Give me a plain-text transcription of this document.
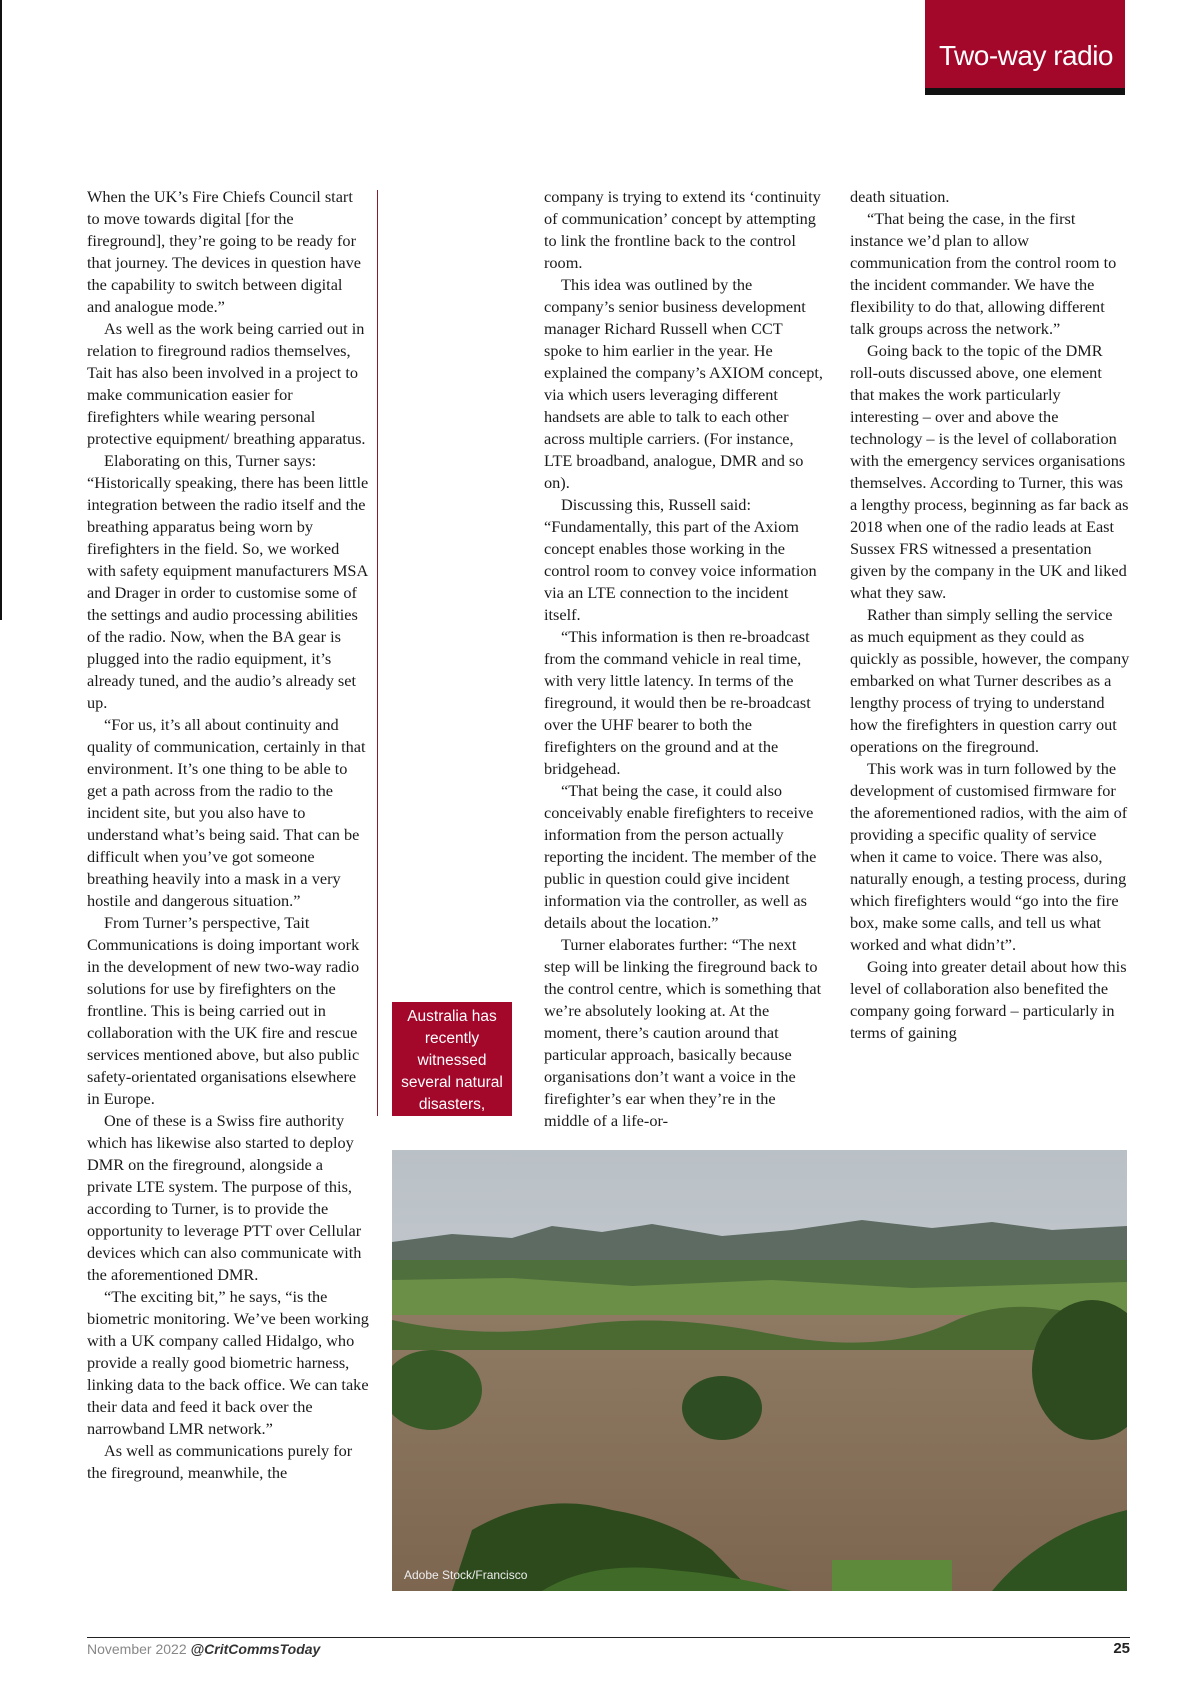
Two-way radio

When the UK’s Fire Chiefs Council start to move towards digital [for the fireground], they’re going to be ready for that journey. The devices in question have the capability to switch between digital and analogue mode.”

As well as the work being carried out in relation to fireground radios themselves, Tait has also been involved in a project to make communication easier for firefighters while wearing personal protective equipment/ breathing apparatus.

Elaborating on this, Turner says: “Historically speaking, there has been little integration between the radio itself and the breathing apparatus being worn by firefighters in the field. So, we worked with safety equipment manufacturers MSA and Drager in order to customise some of the settings and audio processing abilities of the radio. Now, when the BA gear is plugged into the radio equipment, it’s already tuned, and the audio’s already set up.

“For us, it’s all about continuity and quality of communication, certainly in that environment. It’s one thing to be able to get a path across from the radio to the incident site, but you also have to understand what’s being said. That can be difficult when you’ve got someone breathing heavily into a mask in a very hostile and dangerous situation.”

From Turner’s perspective, Tait Communications is doing important work in the development of new two-way radio solutions for use by firefighters on the frontline. This is being carried out in collaboration with the UK fire and rescue services mentioned above, but also public safety-orientated organisations elsewhere in Europe.

One of these is a Swiss fire authority which has likewise also started to deploy DMR on the fireground, alongside a private LTE system. The purpose of this, according to Turner, is to provide the opportunity to leverage PTT over Cellular devices which can also communicate with the aforementioned DMR.

“The exciting bit,” he says, “is the biometric monitoring. We’ve been working with a UK company called Hidalgo, who provide a really good biometric harness, linking data to the back office. We can take their data and feed it back over the narrowband LMR network.”

As well as communications purely for the fireground, meanwhile, the

company is trying to extend its ‘continuity of communication’ concept by attempting to link the frontline back to the control room.

This idea was outlined by the company’s senior business development manager Richard Russell when CCT spoke to him earlier in the year. He explained the company’s AXIOM concept, via which users leveraging different handsets are able to talk to each other across multiple carriers. (For instance, LTE broadband, analogue, DMR and so on).

Discussing this, Russell said: “Fundamentally, this part of the Axiom concept enables those working in the control room to convey voice information via an LTE connection to the incident itself.

“This information is then re-broadcast from the command vehicle in real time, with very little latency. In terms of the fireground, it would then be re-broadcast over the UHF bearer to both the firefighters on the ground and at the bridgehead.

“That being the case, it could also conceivably enable firefighters to receive information from the person actually reporting the incident. The member of the public in question could give incident information via the controller, as well as details about the location.”

Turner elaborates further: “The next step will be linking the fireground back to the control centre, which is something that we’re absolutely looking at. At the moment, there’s caution around that particular approach, basically because organisations don’t want a voice in the firefighter’s ear when they’re in the middle of a life-or-

death situation.

“That being the case, in the first instance we’d plan to allow communication from the control room to the incident commander. We have the flexibility to do that, allowing different talk groups across the network.”

Going back to the topic of the DMR roll-outs discussed above, one element that makes the work particularly interesting – over and above the technology – is the level of collaboration with the emergency services organisations themselves. According to Turner, this was a lengthy process, beginning as far back as 2018 when one of the radio leads at East Sussex FRS witnessed a presentation given by the company in the UK and liked what they saw.

Rather than simply selling the service as much equipment as they could as quickly as possible, however, the company embarked on what Turner describes as a lengthy process of trying to understand how the firefighters in question carry out operations on the fireground.

This work was in turn followed by the development of customised firmware for the aforementioned radios, with the aim of providing a specific quality of service when it came to voice. There was also, naturally enough, a testing process, during which firefighters would “go into the fire box, make some calls, and tell us what worked and what didn’t”.

Going into greater detail about how this level of collaboration also benefited the company going forward – particularly in terms of gaining

Australia has recently witnessed several natural disasters, including floods
Adobe Stock/Francisco
November 2022 @CritCommsToday	25
